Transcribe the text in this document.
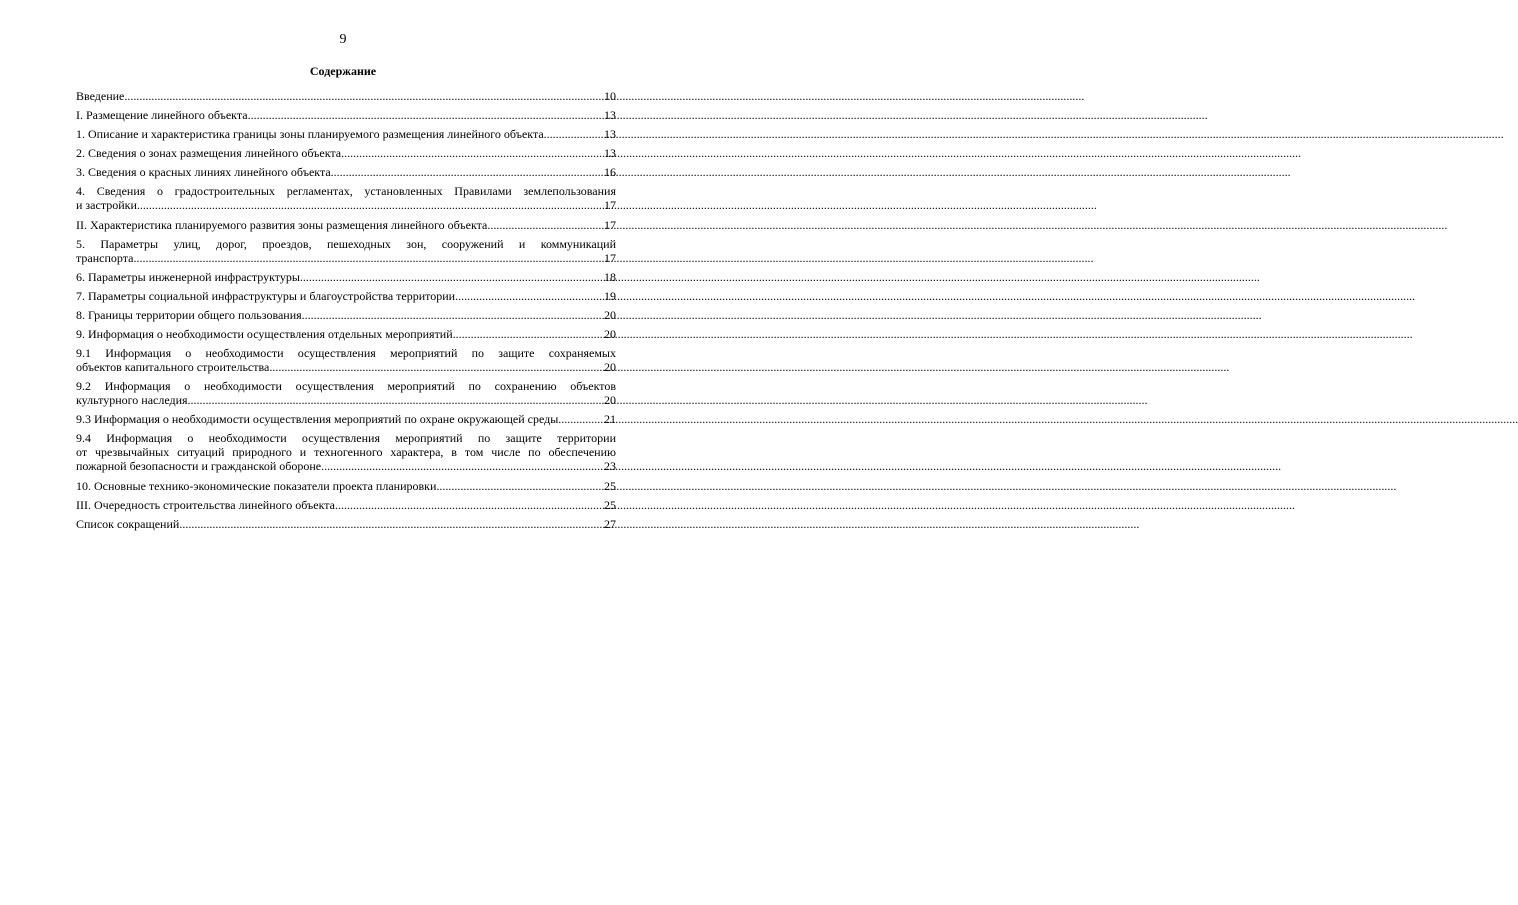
9
Содержание
Введение .....	10
I. Размещение линейного объекта .....	13
1. Описание и характеристика границы зоны планируемого размещения линейного объекта .....	13
2. Сведения о зонах размещения линейного объекта .....	13
3. Сведения о красных линиях линейного объекта .....	16
4. Сведения о градостроительных регламентах, установленных Правилами землепользования
и застройки .....	17
II. Характеристика планируемого развития зоны размещения линейного объекта .....	17
5. Параметры улиц, дорог, проездов, пешеходных зон, сооружений и коммуникаций
транспорта .....	17
6. Параметры инженерной инфраструктуры .....	18
7. Параметры социальной инфраструктуры и благоустройства территории .....	19
8. Границы территории общего пользования .....	20
9. Информация о необходимости осуществления отдельных мероприятий .....	20
9.1 Информация о необходимости осуществления мероприятий по защите сохраняемых
объектов капитального строительства .....	20
9.2 Информация о необходимости осуществления мероприятий по сохранению объектов
культурного наследия .....	20
9.3 Информация о необходимости осуществления мероприятий по охране окружающей среды .....	21
9.4 Информация о необходимости осуществления мероприятий по защите территории
от чрезвычайных ситуаций природного и техногенного характера, в том числе по обеспечению
пожарной безопасности и гражданской обороне .....	23
10. Основные технико-экономические показатели проекта планировки .....	25
III. Очередность строительства линейного объекта .....	25
Список сокращений .....	27
